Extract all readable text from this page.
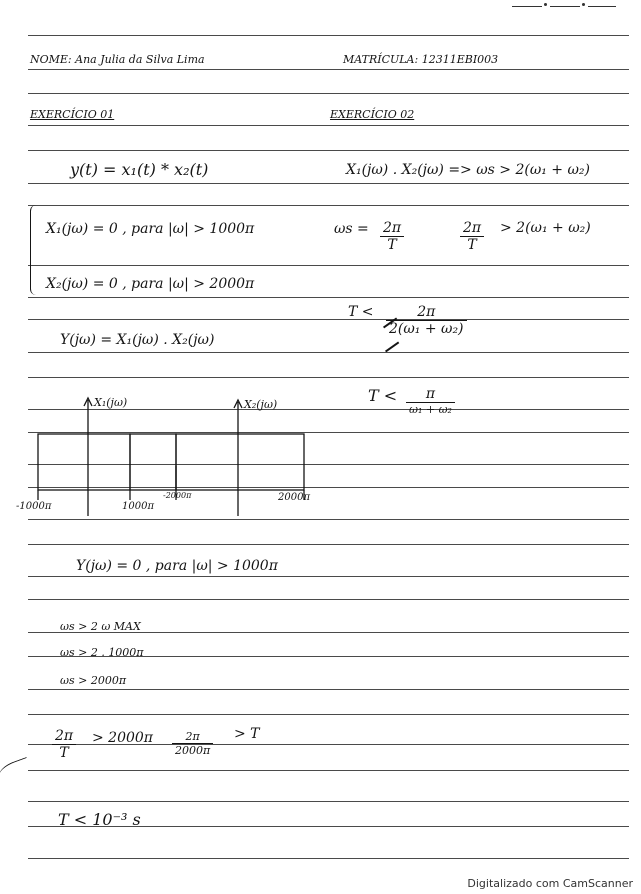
NOME: Ana Julia da Silva Lima	MATRÍCULA: 12311EBI003
EXERCÍCIO 01	EXERCÍCIO 02
y(t) = x₁(t) * x₂(t)
X₁(jω) = 0 , para |ω| > 1000π
X₂(jω) = 0 , para |ω| > 2000π
Y(jω) = X₁(jω) . X₂(jω)
X₁(jω)	X₂(jω)
-1000π	1000π
-2000π	2000π
Y(jω) = 0 , para |ω| > 1000π
ωs > 2 ω MAX
ωs > 2 . 1000π
ωs > 2000π
$\frac{2\pi}{T} > 2000\pi \frac{2\pi}{2000\pi} > T$
T < 10⁻³ s
X₁(jω) . X₂(jω) => ωs > 2(ω₁ + ω₂)
$\omega s = \frac{2\pi}{T}$	$\frac{2\pi}{T} > 2(\omega_1 + \omega_2)$
$T < \frac{2\pi}{\text{2(ω₁ + ω₂)}}$
T <	π
ω₁ + ω₂
Digitalizado com CamScanner
